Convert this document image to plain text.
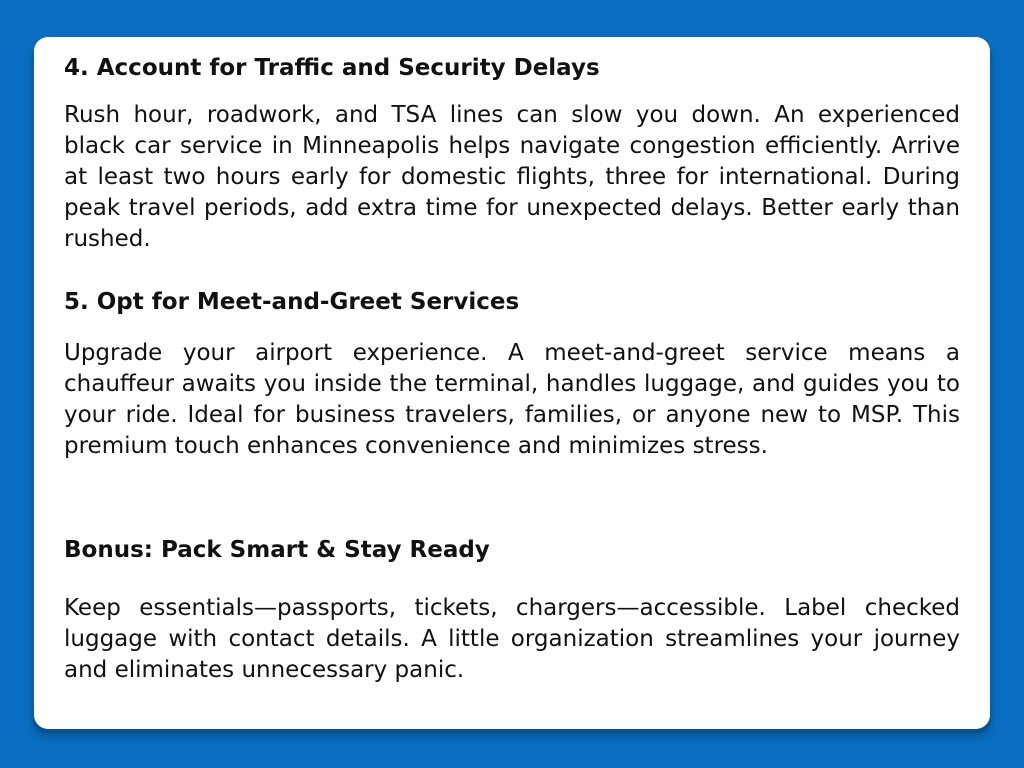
4. Account for Traffic and Security Delays

Rush hour, roadwork, and TSA lines can slow you down. An experienced black car service in Minneapolis helps navigate congestion efficiently. Arrive at least two hours early for domestic flights, three for international. During peak travel periods, add extra time for unexpected delays. Better early than rushed.

5. Opt for Meet-and-Greet Services

Upgrade your airport experience. A meet-and-greet service means a chauffeur awaits you inside the terminal, handles luggage, and guides you to your ride. Ideal for business travelers, families, or anyone new to MSP. This premium touch enhances convenience and minimizes stress.

Bonus: Pack Smart & Stay Ready

Keep essentials—passports, tickets, chargers—accessible. Label checked luggage with contact details. A little organization streamlines your journey and eliminates unnecessary panic.
